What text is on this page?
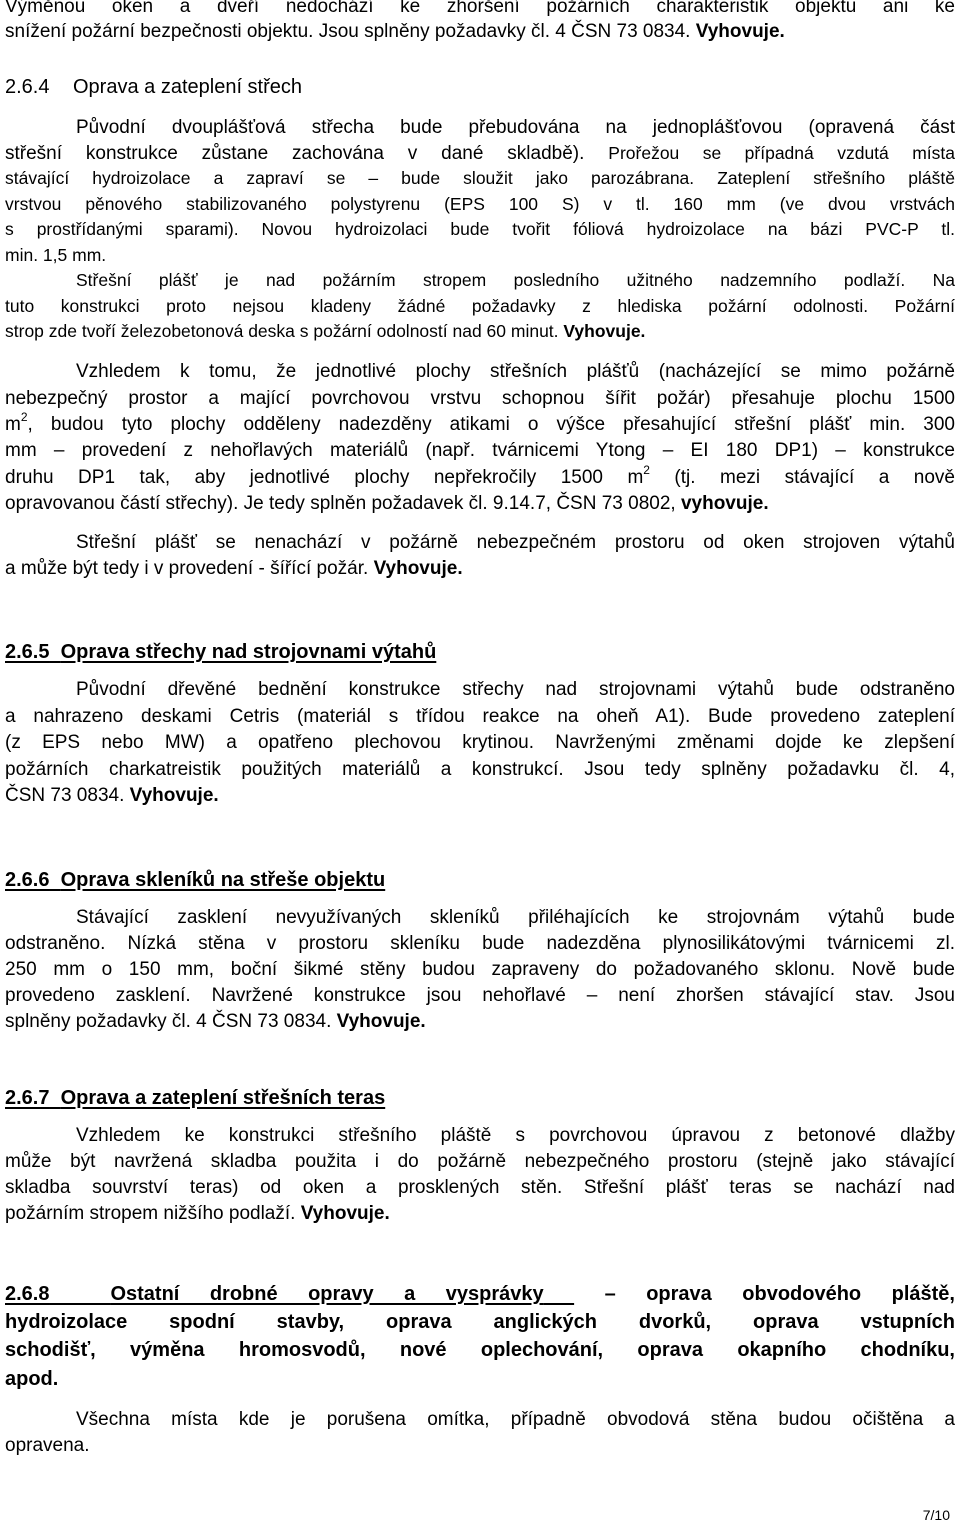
Výměnou oken a dveří nedochází ke zhoršení požárních charakteristik objektu ani ke
snížení požární bezpečnosti objektu. Jsou splněny požadavky čl. 4 ČSN 73 0834. Vyhovuje.
2.6.4 Oprava a zateplení střech
Původní dvouplášťová střecha bude přebudována na jednoplášťovou (opravená část
střešní konstrukce zůstane zachována v dané skladbě). Prořežou se případná vzdutá místa
stávající hydroizolace a zapraví se – bude sloužit jako parozábrana. Zateplení střešního pláště
vrstvou pěnového stabilizovaného polystyrenu (EPS 100 S) v tl. 160 mm (ve dvou vrstvách
s prostřídanými sparami). Novou hydroizolaci bude tvořit fóliová hydroizolace na bázi PVC-P tl.
min. 1,5 mm.
Střešní plášť je nad požárním stropem posledního užitného nadzemního podlaží. Na
tuto konstrukci proto nejsou kladeny žádné požadavky z hlediska požární odolnosti. Požární
strop zde tvoří železobetonová deska s požární odolností nad 60 minut. Vyhovuje.
Vzhledem k tomu, že jednotlivé plochy střešních plášťů (nacházející se mimo požárně
nebezpečný prostor a mající povrchovou vrstvu schopnou šířit požár) přesahuje plochu 1500
$m^2$, budou tyto plochy odděleny nadezděny atikami o výšce přesahující střešní plášť min. 300
mm – provedení z nehořlavých materiálů (např. tvárnicemi Ytong – EI 180 DP1) – konstrukce
druhu DP1 tak, aby jednotlivé plochy nepřekročily 1500 $m^2$ (tj. mezi stávající a nově
opravovanou částí střechy). Je tedy splněn požadavek čl. 9.14.7, ČSN 73 0802, vyhovuje.
Střešní plášť se nenachází v požárně nebezpečném prostoru od oken strojoven výtahů
a může být tedy i v provedení - šířící požár. Vyhovuje.
2.6.5 Oprava střechy nad strojovnami výtahů
Původní dřevěné bednění konstrukce střechy nad strojovnami výtahů bude odstraněno
a nahrazeno deskami Cetris (materiál s třídou reakce na oheň A1). Bude provedeno zateplení
(z EPS nebo MW) a opatřeno plechovou krytinou. Navrženými změnami dojde ke zlepšení
požárních charkatreistik použitých materiálů a konstrukcí. Jsou tedy splněny požadavku čl. 4,
ČSN 73 0834. Vyhovuje.
2.6.6 Oprava skleníků na střeše objektu
Stávající zasklení nevyužívaných skleníků přiléhajících ke strojovnám výtahů bude
odstraněno. Nízká stěna v prostoru skleníku bude nadezděna plynosilikátovými tvárnicemi zl.
250 mm o 150 mm, boční šikmé stěny budou zapraveny do požadovaného sklonu. Nově bude
provedeno zasklení. Navržené konstrukce jsou nehořlavé – není zhoršen stávající stav. Jsou
splněny požadavky čl. 4 ČSN 73 0834. Vyhovuje.
2.6.7 Oprava a zateplení střešních teras
Vzhledem ke konstrukci střešního pláště s povrchovou úpravou z betonové dlažby
může být navržená skladba použita i do požárně nebezpečného prostoru (stejně jako stávající
skladba souvrství teras) od oken a prosklených stěn. Střešní plášť teras se nachází nad
požárním stropem nižšího podlaží. Vyhovuje.
2.6.8	Ostatní drobné opravy a vysprávky  – oprava obvodového pláště,
hydroizolace spodní stavby, oprava anglických dvorků, oprava vstupních
schodišť, výměna hromosvodů, nové oplechování, oprava okapního chodníku,
apod.
Všechna místa kde je porušena omítka, případně obvodová stěna budou očištěna a
opravena.
7/10
